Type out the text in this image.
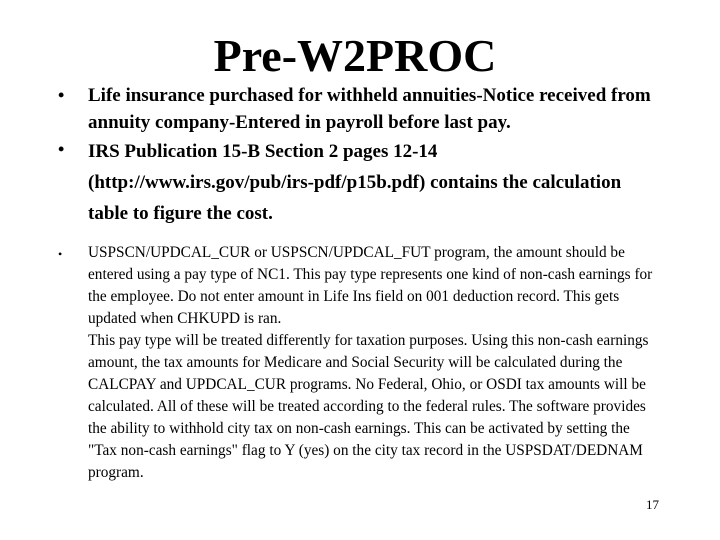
Pre-W2PROC
• Life insurance purchased for withheld annuities-Notice received from annuity company-Entered in payroll before last pay.
• IRS Publication 15-B Section 2 pages 12-14 (http://www.irs.gov/pub/irs-pdf/p15b.pdf) contains the calculation table to figure the cost.
• USPSCN/UPDCAL_CUR or USPSCN/UPDCAL_FUT program, the amount should be entered using a pay type of NC1. This pay type represents one kind of non-cash earnings for the employee. Do not enter amount in Life Ins field on 001 deduction record. This gets updated when CHKUPD is ran.
This pay type will be treated differently for taxation purposes. Using this non-cash earnings amount, the tax amounts for Medicare and Social Security will be calculated during the CALCPAY and UPDCAL_CUR programs. No Federal, Ohio, or OSDI tax amounts will be calculated. All of these will be treated according to the federal rules. The software provides the ability to withhold city tax on non-cash earnings. This can be activated by setting the "Tax non-cash earnings" flag to Y (yes) on the city tax record in the USPSDAT/DEDNAM program.
17
